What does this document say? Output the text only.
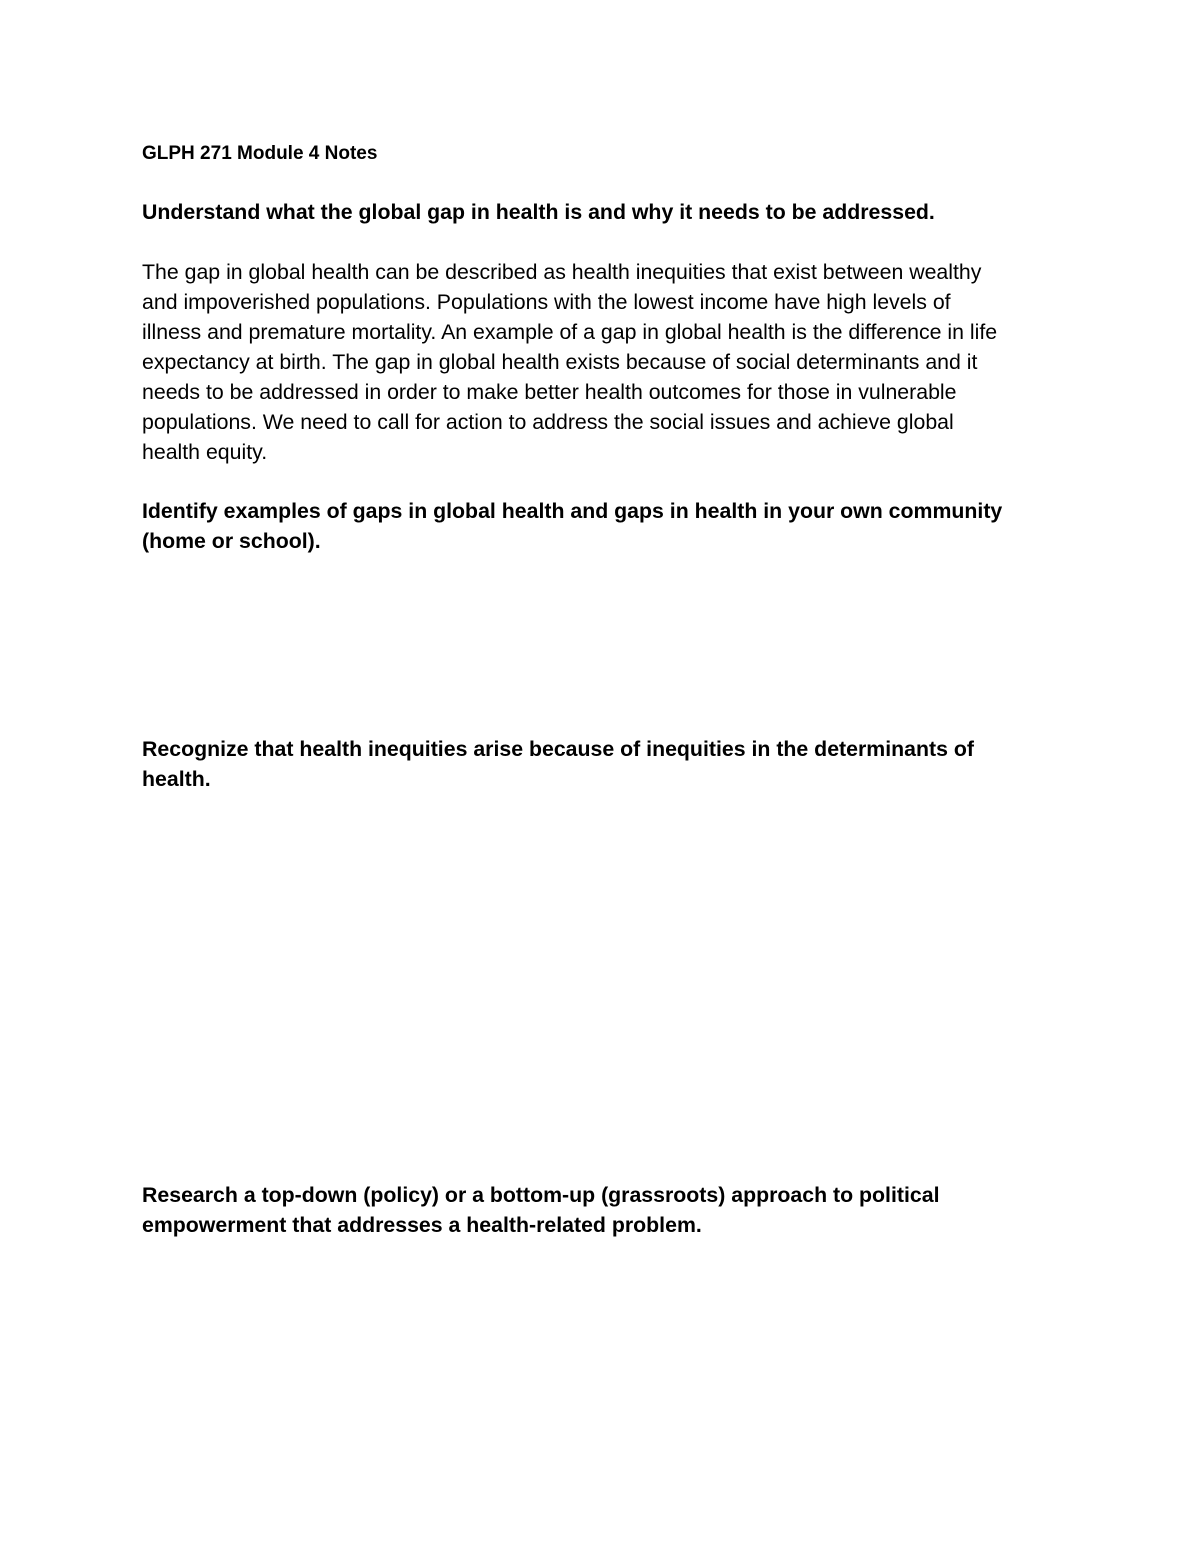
GLPH 271 Module 4 Notes
Understand what the global gap in health is and why it needs to be addressed.
The gap in global health can be described as health inequities that exist between wealthy
and impoverished populations. Populations with the lowest income have high levels of
illness and premature mortality. An example of a gap in global health is the difference in life
expectancy at birth. The gap in global health exists because of social determinants and it
needs to be addressed in order to make better health outcomes for those in vulnerable
populations. We need to call for action to address the social issues and achieve global
health equity.
Identify examples of gaps in global health and gaps in health in your own community
(home or school).
Recognize that health inequities arise because of inequities in the determinants of
health.
Research a top-down (policy) or a bottom-up (grassroots) approach to political
empowerment that addresses a health-related problem.
